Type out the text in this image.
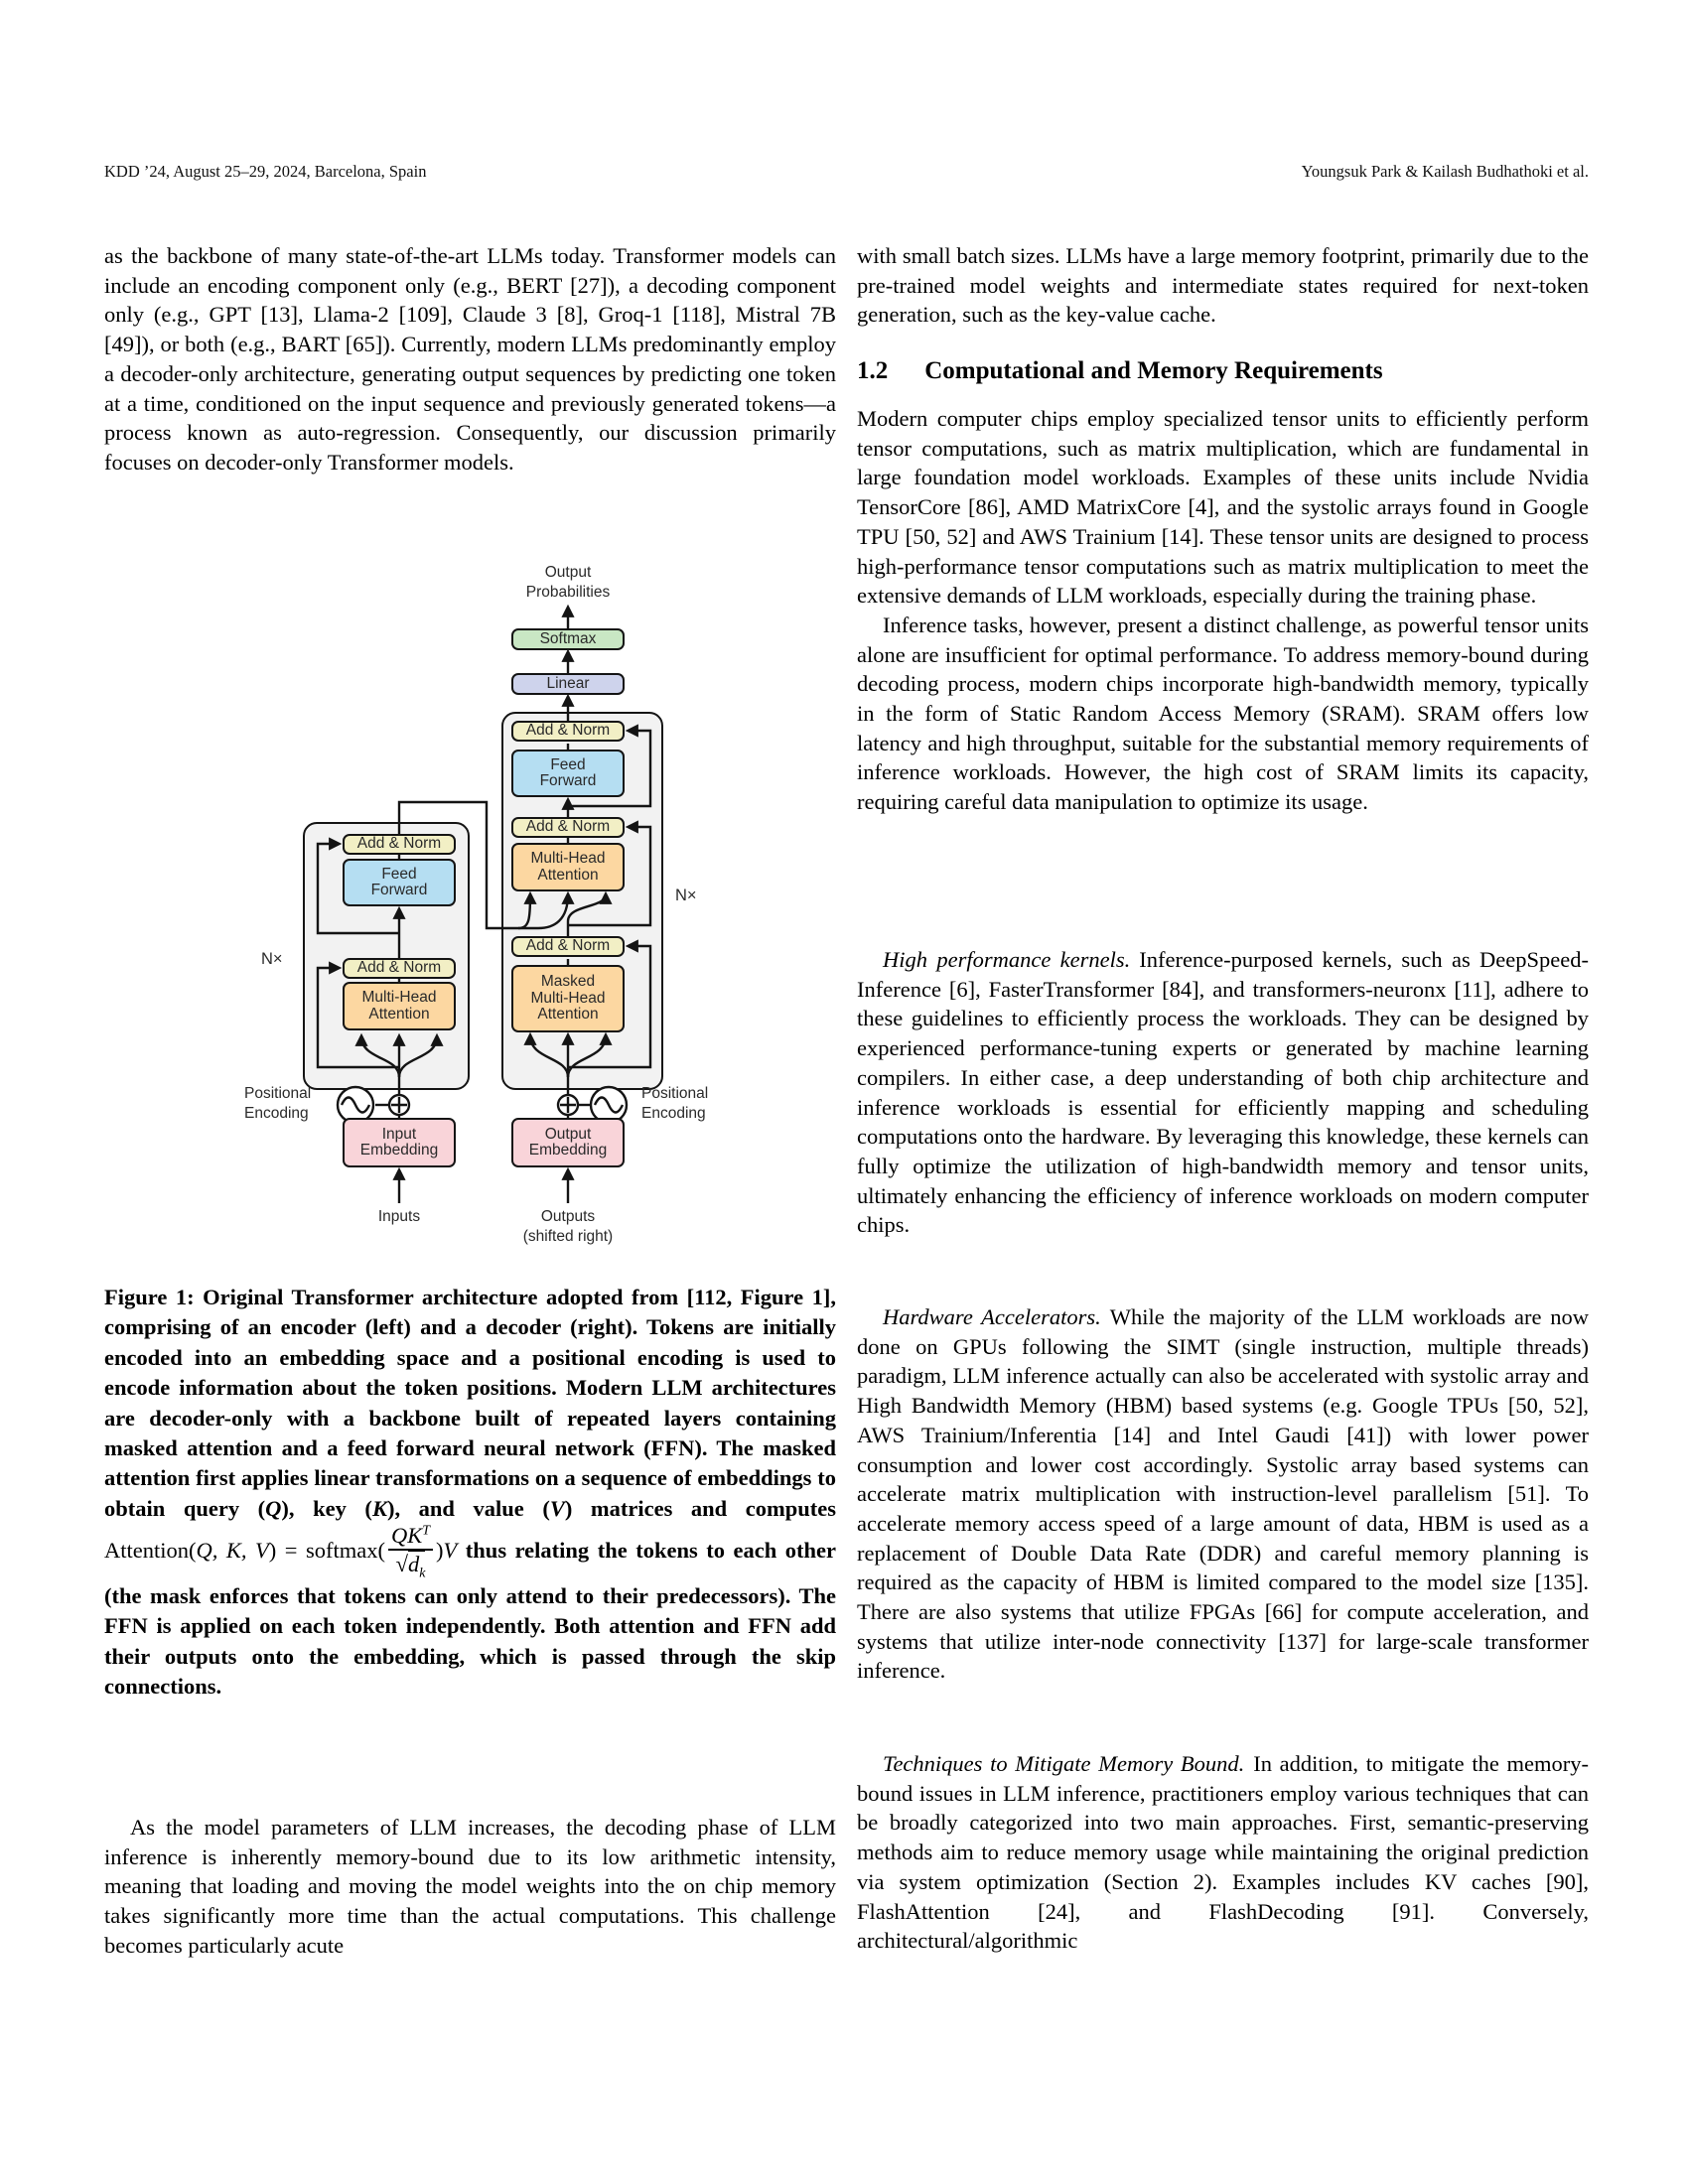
KDD ’24, August 25–29, 2024, Barcelona, Spain	Youngsuk Park & Kailash Budhathoki et al.
as the backbone of many state-of-the-art LLMs today. Transformer models can include an encoding component only (e.g., BERT [27]), a decoding component only (e.g., GPT [13], Llama-2 [109], Claude 3 [8], Groq-1 [118], Mistral 7B [49]), or both (e.g., BART [65]). Currently, modern LLMs predominantly employ a decoder-only architecture, generating output sequences by predicting one token at a time, conditioned on the input sequence and previously generated tokens—a process known as auto-regression. Consequently, our discussion primarily focuses on decoder-only Transformer models.
Output
Probabilities
Softmax
Linear
Add & Norm
Feed
Forward
Add & Norm
Multi-Head
Attention
Add & Norm
Masked
Multi-Head
Attention
Add & Norm
Feed
Forward
Add & Norm
Multi-Head
Attention
Input
Embedding
Output
Embedding
N×
N×
Positional
Encoding
Positional
Encoding
Inputs	Outputs
(shifted right)
Figure 1: Original Transformer architecture adopted from [112, Figure 1], comprising of an encoder (left) and a decoder (right). Tokens are initially encoded into an embedding space and a positional encoding is used to encode information about the token positions. Modern LLM architectures are decoder-only with a backbone built of repeated layers containing masked attention and a feed forward neural network (FFN). The masked attention first applies linear transformations on a sequence of embeddings to obtain query (Q), key (K), and value (V) matrices and computes Attention(Q, K, V) = softmax( $\frac{QK^T}{√d_k} )V$ thus relating the tokens to each other (the mask enforces that tokens can only attend to their predecessors). The FFN is applied on each token independently. Both attention and FFN add their outputs onto the embedding, which is passed through the skip connections.
As the model parameters of LLM increases, the decoding phase of LLM inference is inherently memory-bound due to its low arithmetic intensity, meaning that loading and moving the model weights into the on chip memory takes significantly more time than the actual computations. This challenge becomes particularly acute
with small batch sizes. LLMs have a large memory footprint, primarily due to the pre-trained model weights and intermediate states required for next-token generation, such as the key-value cache.
1.2 Computational and Memory Requirements

Modern computer chips employ specialized tensor units to efficiently perform tensor computations, such as matrix multiplication, which are fundamental in large foundation model workloads. Examples of these units include Nvidia TensorCore [86], AMD MatrixCore [4], and the systolic arrays found in Google TPU [50, 52] and AWS Trainium [14]. These tensor units are designed to process high-performance tensor computations such as matrix multiplication to meet the extensive demands of LLM workloads, especially during the training phase.

Inference tasks, however, present a distinct challenge, as powerful tensor units alone are insufficient for optimal performance. To address memory-bound during decoding process, modern chips incorporate high-bandwidth memory, typically in the form of Static Random Access Memory (SRAM). SRAM offers low latency and high throughput, suitable for the substantial memory requirements of inference workloads. However, the high cost of SRAM limits its capacity, requiring careful data manipulation to optimize its usage.

High performance kernels. Inference-purposed kernels, such as DeepSpeed-Inference [6], FasterTransformer [84], and transformers-neuronx [11], adhere to these guidelines to efficiently process the workloads. They can be designed by experienced performance-tuning experts or generated by machine learning compilers. In either case, a deep understanding of both chip architecture and inference workloads is essential for efficiently mapping and scheduling computations onto the hardware. By leveraging this knowledge, these kernels can fully optimize the utilization of high-bandwidth memory and tensor units, ultimately enhancing the efficiency of inference workloads on modern computer chips.
Hardware Accelerators. While the majority of the LLM workloads are now done on GPUs following the SIMT (single instruction, multiple threads) paradigm, LLM inference actually can also be accelerated with systolic array and High Bandwidth Memory (HBM) based systems (e.g. Google TPUs [50, 52], AWS Trainium/Inferentia [14] and Intel Gaudi [41]) with lower power consumption and lower cost accordingly. Systolic array based systems can accelerate matrix multiplication with instruction-level parallelism [51]. To accelerate memory access speed of a large amount of data, HBM is used as a replacement of Double Data Rate (DDR) and careful memory planning is required as the capacity of HBM is limited compared to the model size [135]. There are also systems that utilize FPGAs [66] for compute acceleration, and systems that utilize inter-node connectivity [137] for large-scale transformer inference.
Techniques to Mitigate Memory Bound. In addition, to mitigate the memory-bound issues in LLM inference, practitioners employ various techniques that can be broadly categorized into two main approaches. First, semantic-preserving methods aim to reduce memory usage while maintaining the original prediction via system optimization (Section 2). Examples includes KV caches [90], FlashAttention [24], and FlashDecoding [91]. Conversely, architectural/algorithmic
